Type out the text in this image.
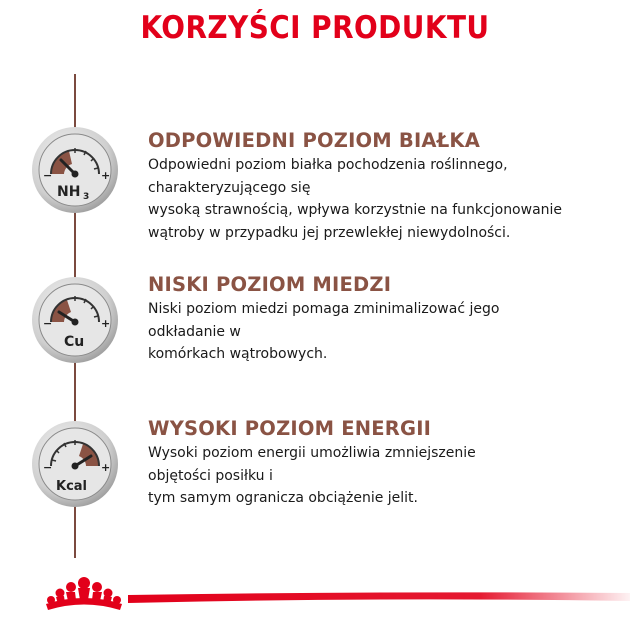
KORZYŚCI PRODUKTU
−	+
NH 3
−	+
Cu
−	+
Kcal
ODPOWIEDNI POZIOM BIAŁKA
Odpowiedni poziom białka pochodzenia roślinnego,
charakteryzującego się
wysoką strawnością, wpływa korzystnie na funkcjonowanie
wątroby w przypadku jej przewlekłej niewydolności.
NISKI POZIOM MIEDZI
Niski poziom miedzi pomaga zminimalizować jego
odkładanie w
komórkach wątrobowych.
WYSOKI POZIOM ENERGII
Wysoki poziom energii umożliwia zmniejszenie
objętości posiłku i
tym samym ogranicza obciążenie jelit.
